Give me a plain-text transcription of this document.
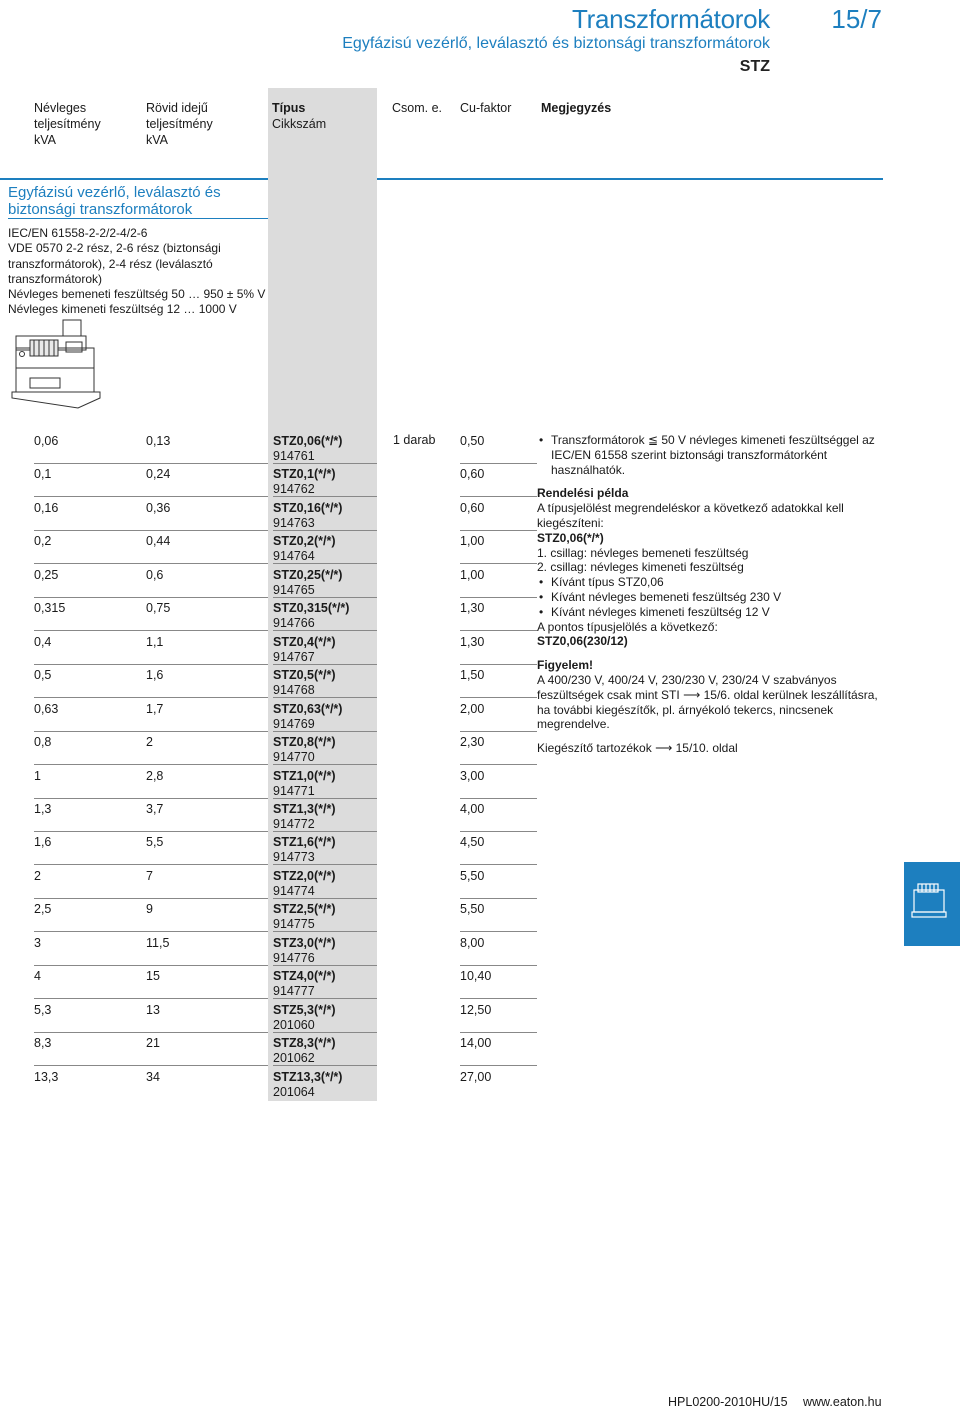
Transzformátorok 15/7
Egyfázisú vezérlő, leválasztó és biztonsági transzformátorok
STZ
Névleges
teljesítmény
kVA
Rövid idejű
teljesítmény
kVA
Típus
Cikkszám
Csom. e. Cu-faktor Megjegyzés
Egyfázisú vezérlő, leválasztó és
biztonsági transzformátorok
IEC/EN 61558-2-2/2-4/2-6
VDE 0570 2-2 rész, 2-6 rész (biztonsági
transzformátorok), 2-4 rész (leválasztó
transzformátorok)
Névleges bemeneti feszültség 50 … 950 ± 5% V
Névleges kimeneti feszültség 12 … 1000 V
0,06	0,13	STZ0,06(*/*)
914761
0,50
0,1	0,24	STZ0,1(*/*)
914762
0,60
0,16	0,36	STZ0,16(*/*)
914763
0,60
0,2	0,44	STZ0,2(*/*)
914764
1,00
0,25	0,6	STZ0,25(*/*)
914765
1,00
0,315	0,75	STZ0,315(*/*)
914766
1,30
0,4	1,1	STZ0,4(*/*)
914767
1,30
0,5	1,6	STZ0,5(*/*)
914768
1,50
0,63	1,7	STZ0,63(*/*)
914769
2,00
0,8	2	STZ0,8(*/*)
914770
2,30
1	2,8	STZ1,0(*/*)
914771
3,00
1,3	3,7	STZ1,3(*/*)
914772
4,00
1,6	5,5	STZ1,6(*/*)
914773
4,50
2	7	STZ2,0(*/*)
914774
5,50
2,5	9	STZ2,5(*/*)
914775
5,50
3	11,5	STZ3,0(*/*)
914776
8,00
4	15	STZ4,0(*/*)
914777
10,40
5,3	13	STZ5,3(*/*)
201060
12,50
8,3	21	STZ8,3(*/*)
201062
14,00
13,3	34	STZ13,3(*/*)
201064
27,00
1 darab

•	Transzformátorok ≦ 50 V névleges kimeneti feszültséggel az IEC/EN 61558 szerint biztonsági transzformátorként használhatók.

Rendelési példa

A típusjelölést megrendeléskor a következő adatokkal kell kiegészíteni:

STZ0,06(*/*)

1. csillag: névleges bemeneti feszültség

2. csillag: névleges kimeneti feszültség

• Kívánt típus STZ0,06

• Kívánt névleges bemeneti feszültség 230 V

• Kívánt névleges kimeneti feszültség 12 V

A pontos típusjelölés a következő:

STZ0,06(230/12)

Figyelem!

A 400/230 V, 400/24 V, 230/230 V, 230/24 V szabványos feszültségek csak mint STI ⟶ 15/6. oldal kerülnek leszállításra, ha további kiegészítők, pl. árnyékoló tekercs, nincsenek megrendelve.

Kiegészítő tartozékok ⟶ 15/10. oldal

HPL0200-2010HU/15 www.eaton.hu
